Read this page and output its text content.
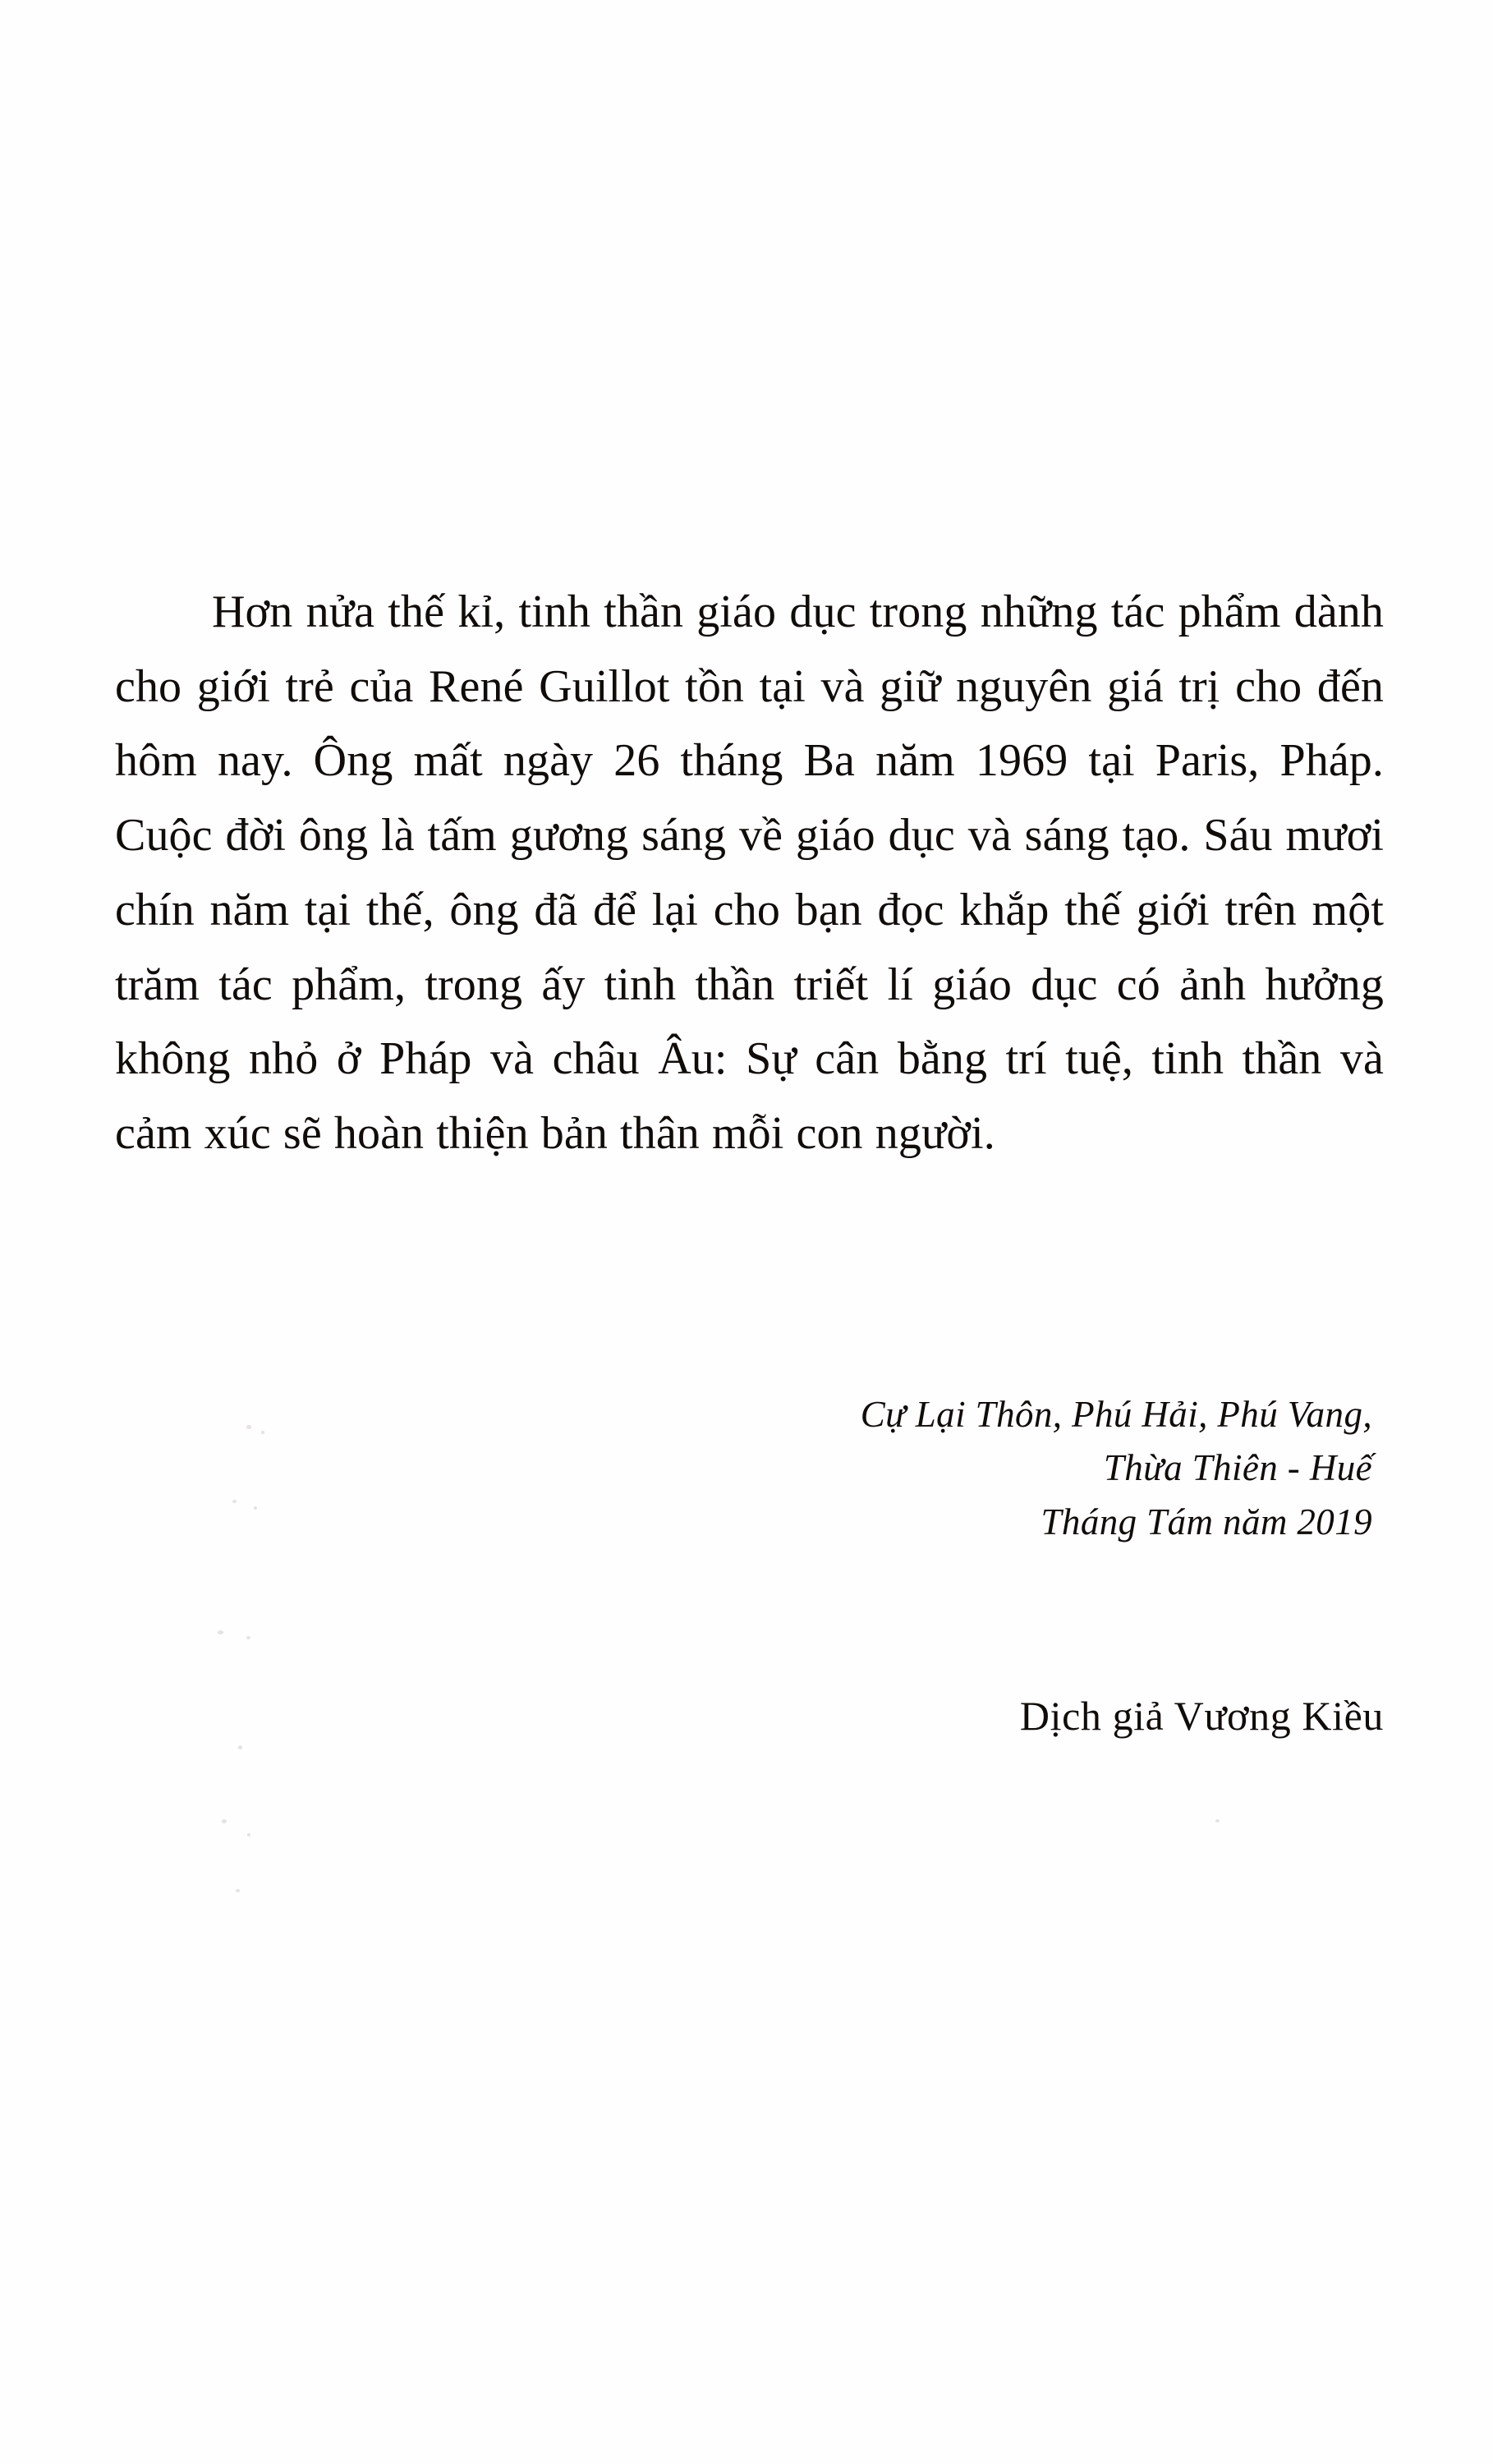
Hơn nửa thế kỉ, tinh thần giáo dục trong những tác phẩm dành cho giới trẻ của René Guillot tồn tại và giữ nguyên giá trị cho đến hôm nay. Ông mất ngày 26 tháng Ba năm 1969 tại Paris, Pháp. Cuộc đời ông là tấm gương sáng về giáo dục và sáng tạo. Sáu mươi chín năm tại thế, ông đã để lại cho bạn đọc khắp thế giới trên một trăm tác phẩm, trong ấy tinh thần triết lí giáo dục có ảnh hưởng không nhỏ ở Pháp và châu Âu: Sự cân bằng trí tuệ, tinh thần và cảm xúc sẽ hoàn thiện bản thân mỗi con người.

Cự Lại Thôn, Phú Hải, Phú Vang,

Thừa Thiên - Huế

Tháng Tám năm 2019

Dịch giả Vương Kiều
